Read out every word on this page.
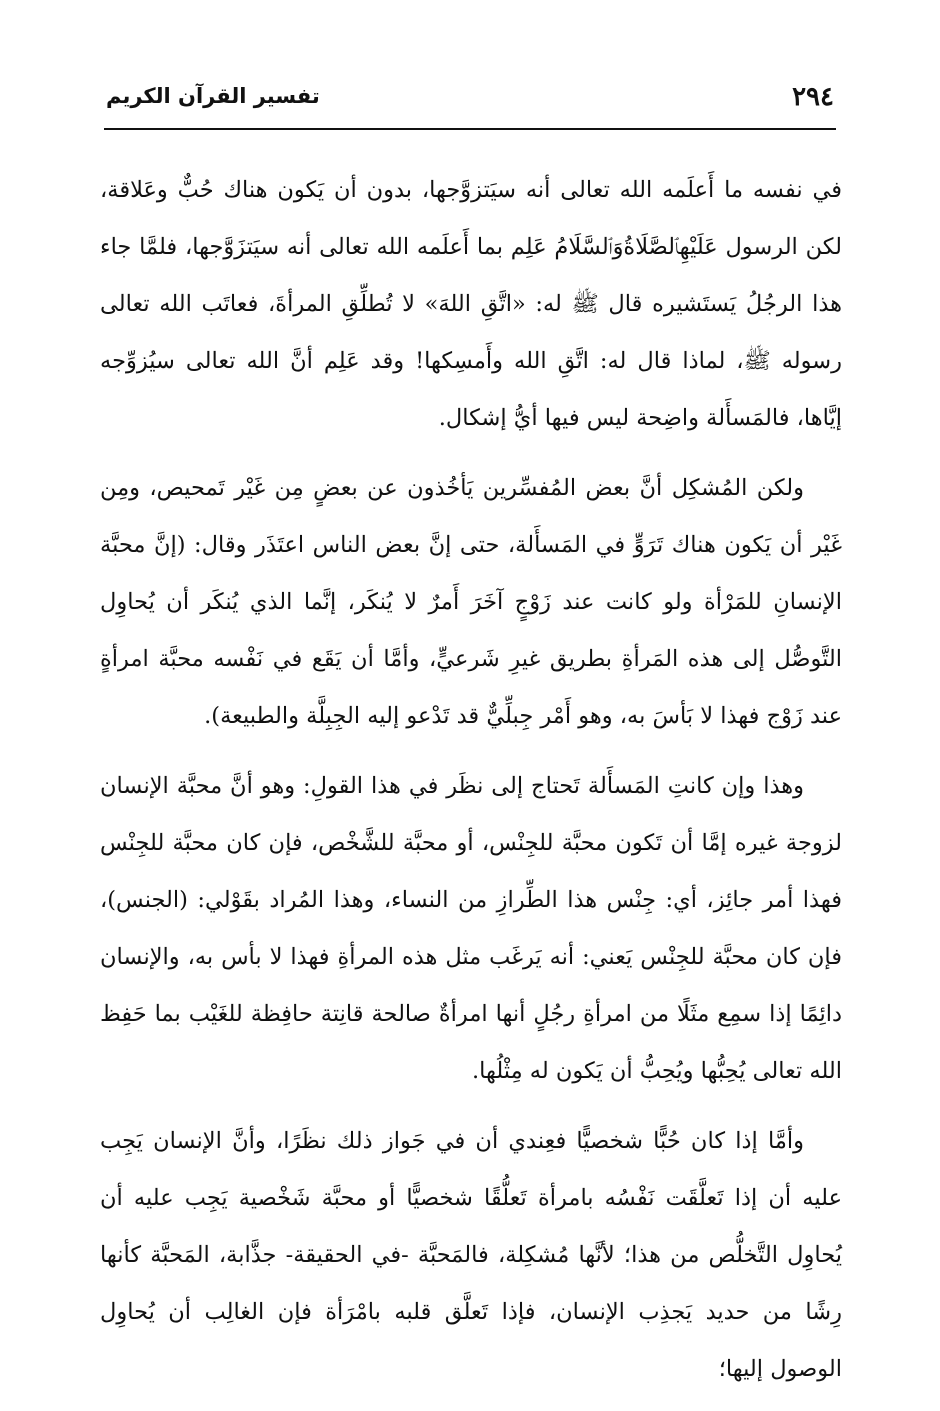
٢٩٤
تفسير القرآن الكريم

في نفسه ما أَعلَمه الله تعالى أنه سيَتزوَّجها، بدون أن يَكون هناك حُبٌّ وعَلاقة، لكن الرسول عَلَيْهِٱلصَّلَاةُوَٱلسَّلَامُ عَلِم بما أَعلَمه الله تعالى أنه سيَتزَوَّجها، فلمَّا جاء هذا الرجُلُ يَستَشيره قال ﷺ له: «اتَّقِ اللهَ» لا تُطلِّقِ المرأةَ، فعاتَب الله تعالى رسوله ﷺ، لماذا قال له: اتَّقِ الله وأَمسِكها! وقد عَلِم أنَّ الله تعالى سيُزوِّجه إيَّاها، فالمَسأَلة واضِحة ليس فيها أيُّ إشكال.

ولكن المُشكِل أنَّ بعض المُفسِّرين يَأخُذون عن بعضٍ مِن غَيْر تَمحيص، ومِن غَيْر أن يَكون هناك تَرَوٍّ في المَسأَلة، حتى إنَّ بعض الناس اعتَذَر وقال: (إنَّ محبَّة الإنسانِ للمَرْأة ولو كانت عند زَوْجٍ آخَرَ أَمرٌ لا يُنكَر، إنَّما الذي يُنكَر أن يُحاوِل التَّوصُّل إلى هذه المَرأةِ بطريق غيرِ شَرعيٍّ، وأمَّا أن يَقَع في نَفْسه محبَّة امرأةٍ عند زَوْج فهذا لا بَأسَ به، وهو أَمْر جِبلِّيٌّ قد تَدْعو إليه الجِبِلَّة والطبيعة).

وهذا وإن كانتِ المَسأَلة تَحتاج إلى نظَر في هذا القولِ: وهو أنَّ محبَّة الإنسان لزوجة غيره إمَّا أن تَكون محبَّة للجِنْس، أو محبَّة للشَّخْص، فإن كان محبَّة للجِنْس فهذا أمر جائِز، أي: جِنْس هذا الطِّرازِ من النساء، وهذا المُراد بقَوْلي: (الجنس)، فإن كان محبَّة للجِنْس يَعني: أنه يَرغَب مثل هذه المرأةِ فهذا لا بأس به، والإنسان دائِمًا إذا سمِع مثَلًا من امرأةِ رجُلٍ أنها امرأةٌ صالحة قانِتة حافِظة للغَيْب بما حَفِظ الله تعالى يُحِبُّها ويُحِبُّ أن يَكون له مِثْلُها.

وأمَّا إذا كان حُبًّا شخصيًّا فعِندي أن في جَواز ذلك نظَرًا، وأنَّ الإنسان يَجِب عليه أن إذا تَعلَّقَت نَفْسُه بامرأة تَعلُّقًا شخصيًّا أو محبَّة شَخْصية يَجِب عليه أن يُحاوِل التَّخلُّص من هذا؛ لأنَّها مُشكِلة، فالمَحبَّة -في الحقيقة- جذَّابة، المَحبَّة كأنها رِشًا من حديد يَجذِب الإنسان، فإذا تَعلَّق قلبه بامْرَأة فإن الغالِب أن يُحاوِل الوصول إليها؛
